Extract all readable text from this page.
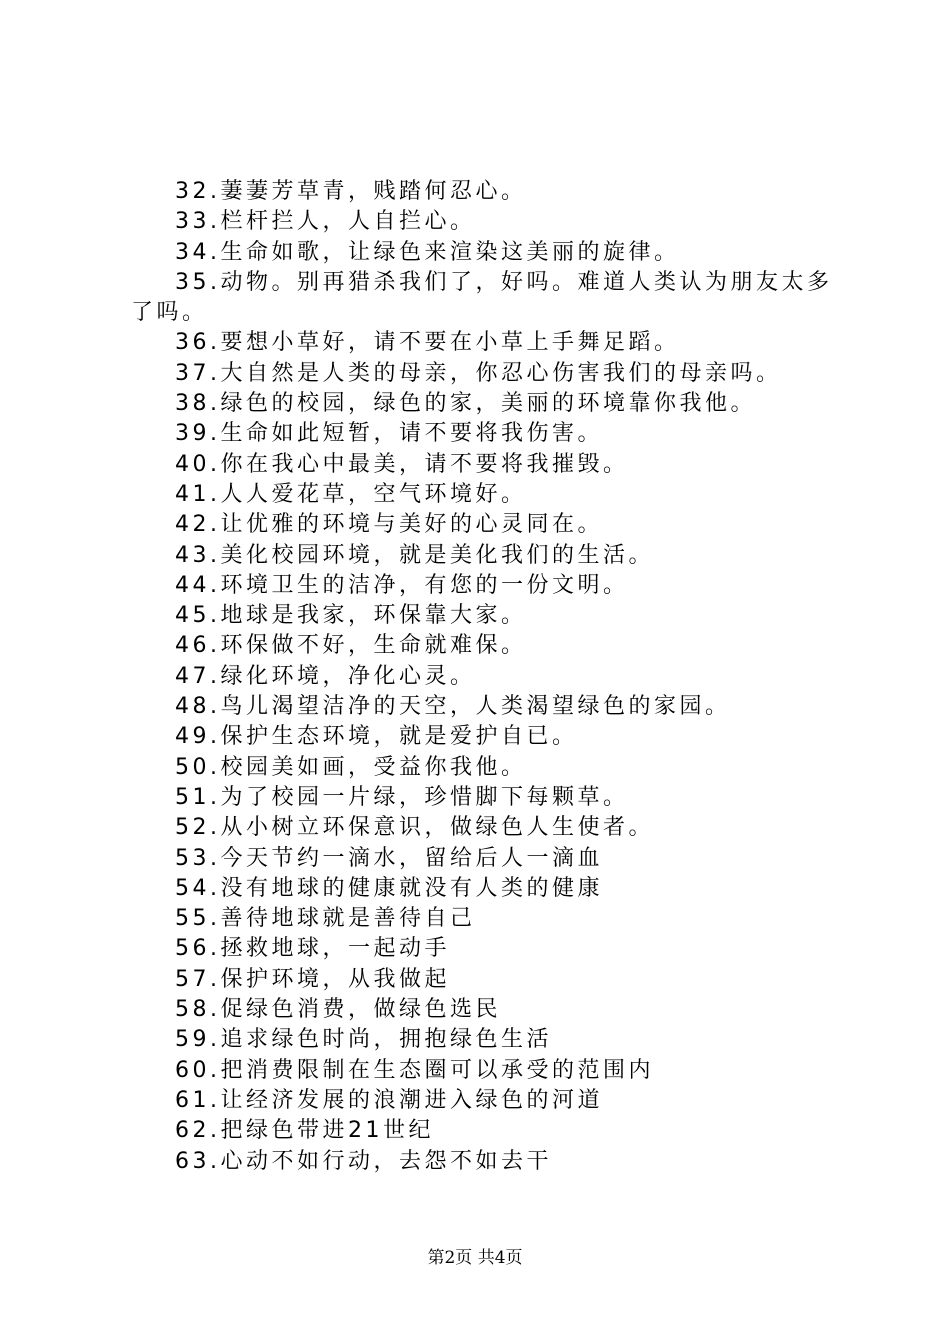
32.萋萋芳草青，贱踏何忍心。

33.栏杆拦人，人自拦心。

34.生命如歌，让绿色来渲染这美丽的旋律。

35.动物。别再猎杀我们了，好吗。难道人类认为朋友太多了吗。

36.要想小草好，请不要在小草上手舞足蹈。

37.大自然是人类的母亲，你忍心伤害我们的母亲吗。

38.绿色的校园，绿色的家，美丽的环境靠你我他。

39.生命如此短暂，请不要将我伤害。

40.你在我心中最美，请不要将我摧毁。

41.人人爱花草，空气环境好。

42.让优雅的环境与美好的心灵同在。

43.美化校园环境，就是美化我们的生活。

44.环境卫生的洁净，有您的一份文明。

45.地球是我家，环保靠大家。

46.环保做不好，生命就难保。

47.绿化环境，净化心灵。

48.鸟儿渴望洁净的天空，人类渴望绿色的家园。

49.保护生态环境，就是爱护自已。

50.校园美如画，受益你我他。

51.为了校园一片绿，珍惜脚下每颗草。

52.从小树立环保意识，做绿色人生使者。

53.今天节约一滴水，留给后人一滴血

54.没有地球的健康就没有人类的健康

55.善待地球就是善待自己

56.拯救地球，一起动手

57.保护环境，从我做起

58.促绿色消费，做绿色选民

59.追求绿色时尚，拥抱绿色生活

60.把消费限制在生态圈可以承受的范围内

61.让经济发展的浪潮进入绿色的河道

62.把绿色带进21世纪

63.心动不如行动，去怨不如去干

第2页 共4页
